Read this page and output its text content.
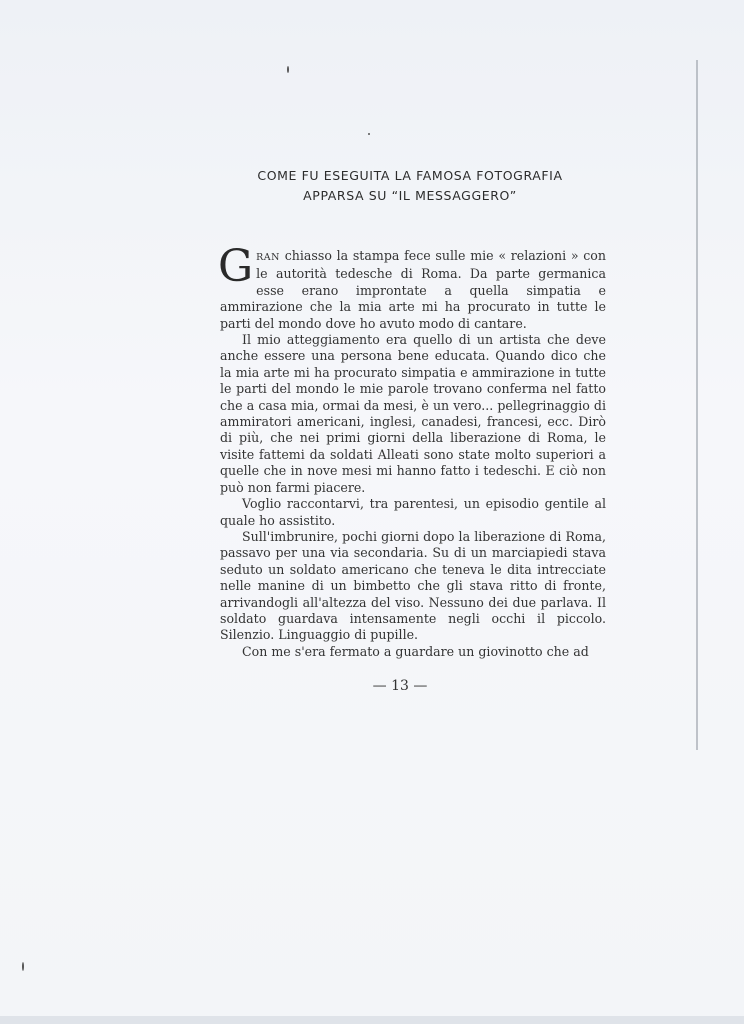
COME FU ESEGUITA LA FAMOSA FOTOGRAFIA
APPARSA SU “IL MESSAGGERO”

GRAN chiasso la stampa fece sulle mie « relazioni » con le autorità tedesche di Roma. Da parte germanica esse erano improntate a quella simpatia e ammirazione che la mia arte mi ha procurato in tutte le parti del mondo dove ho avuto modo di cantare.

Il mio atteggiamento era quello di un artista che deve anche essere una persona bene educata. Quando dico che la mia arte mi ha procurato simpatia e ammirazione in tutte le parti del mondo le mie parole trovano conferma nel fatto che a casa mia, ormai da mesi, è un vero... pellegrinaggio di ammiratori americani, inglesi, canadesi, francesi, ecc. Dirò di più, che nei primi giorni della liberazione di Roma, le visite fattemi da soldati Alleati sono state molto superiori a quelle che in nove mesi mi hanno fatto i tedeschi. E ciò non può non farmi piacere.

Voglio raccontarvi, tra parentesi, un episodio gentile al quale ho assistito.

Sull'imbrunire, pochi giorni dopo la liberazione di Roma, passavo per una via secondaria. Su di un marciapiedi stava seduto un soldato americano che teneva le dita intrecciate nelle manine di un bimbetto che gli stava ritto di fronte, arrivandogli all'altezza del viso. Nessuno dei due parlava. Il soldato guardava intensamente negli occhi il piccolo. Silenzio. Linguaggio di pupille.

Con me s'era fermato a guardare un giovinotto che ad

— 13 —
